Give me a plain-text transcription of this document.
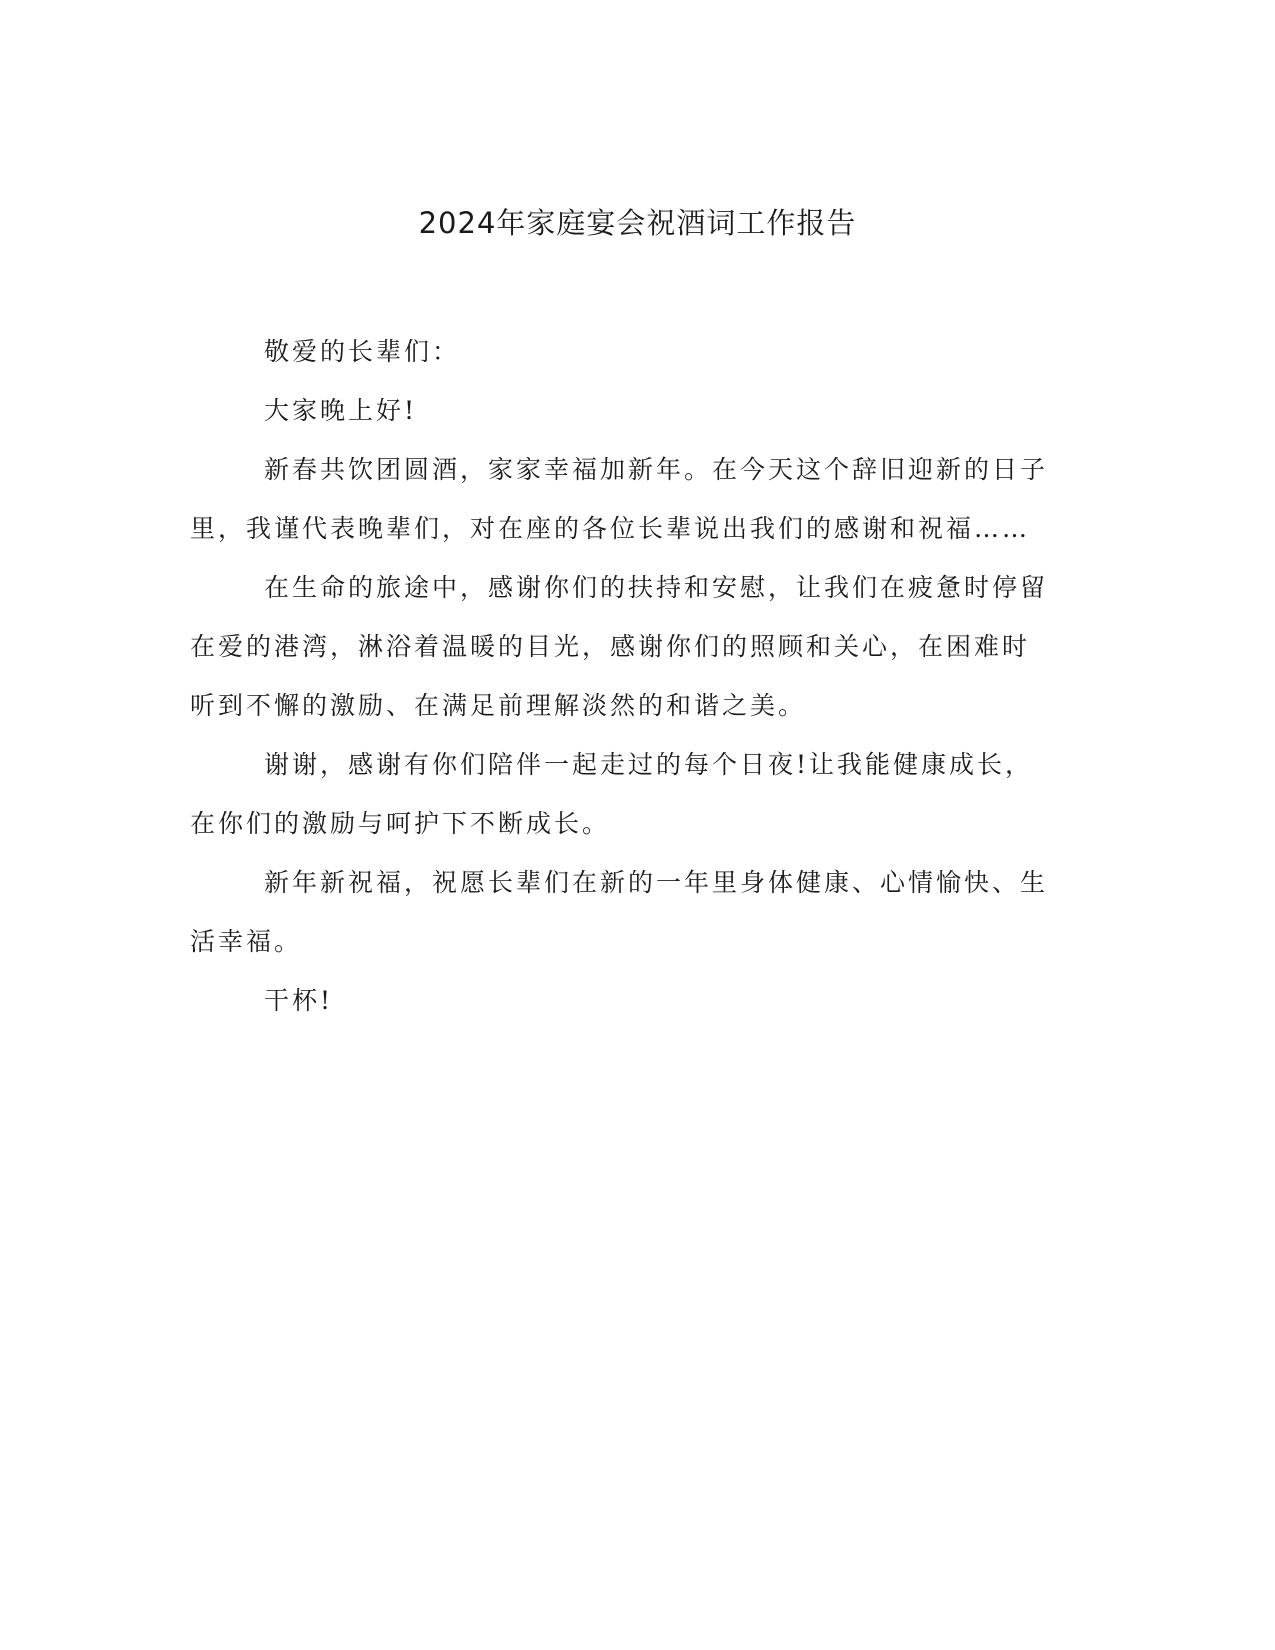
2024年家庭宴会祝酒词工作报告

敬爱的长辈们：

大家晚上好!

新春共饮团圆酒，家家幸福加新年。在今天这个辞旧迎新的日子
里，我谨代表晚辈们，对在座的各位长辈说出我们的感谢和祝福……

在生命的旅途中，感谢你们的扶持和安慰，让我们在疲惫时停留
在爱的港湾，淋浴着温暖的目光，感谢你们的照顾和关心，在困难时
听到不懈的激励、在满足前理解淡然的和谐之美。

谢谢，感谢有你们陪伴一起走过的每个日夜!让我能健康成长，
在你们的激励与呵护下不断成长。

新年新祝福，祝愿长辈们在新的一年里身体健康、心情愉快、生
活幸福。

干杯!
